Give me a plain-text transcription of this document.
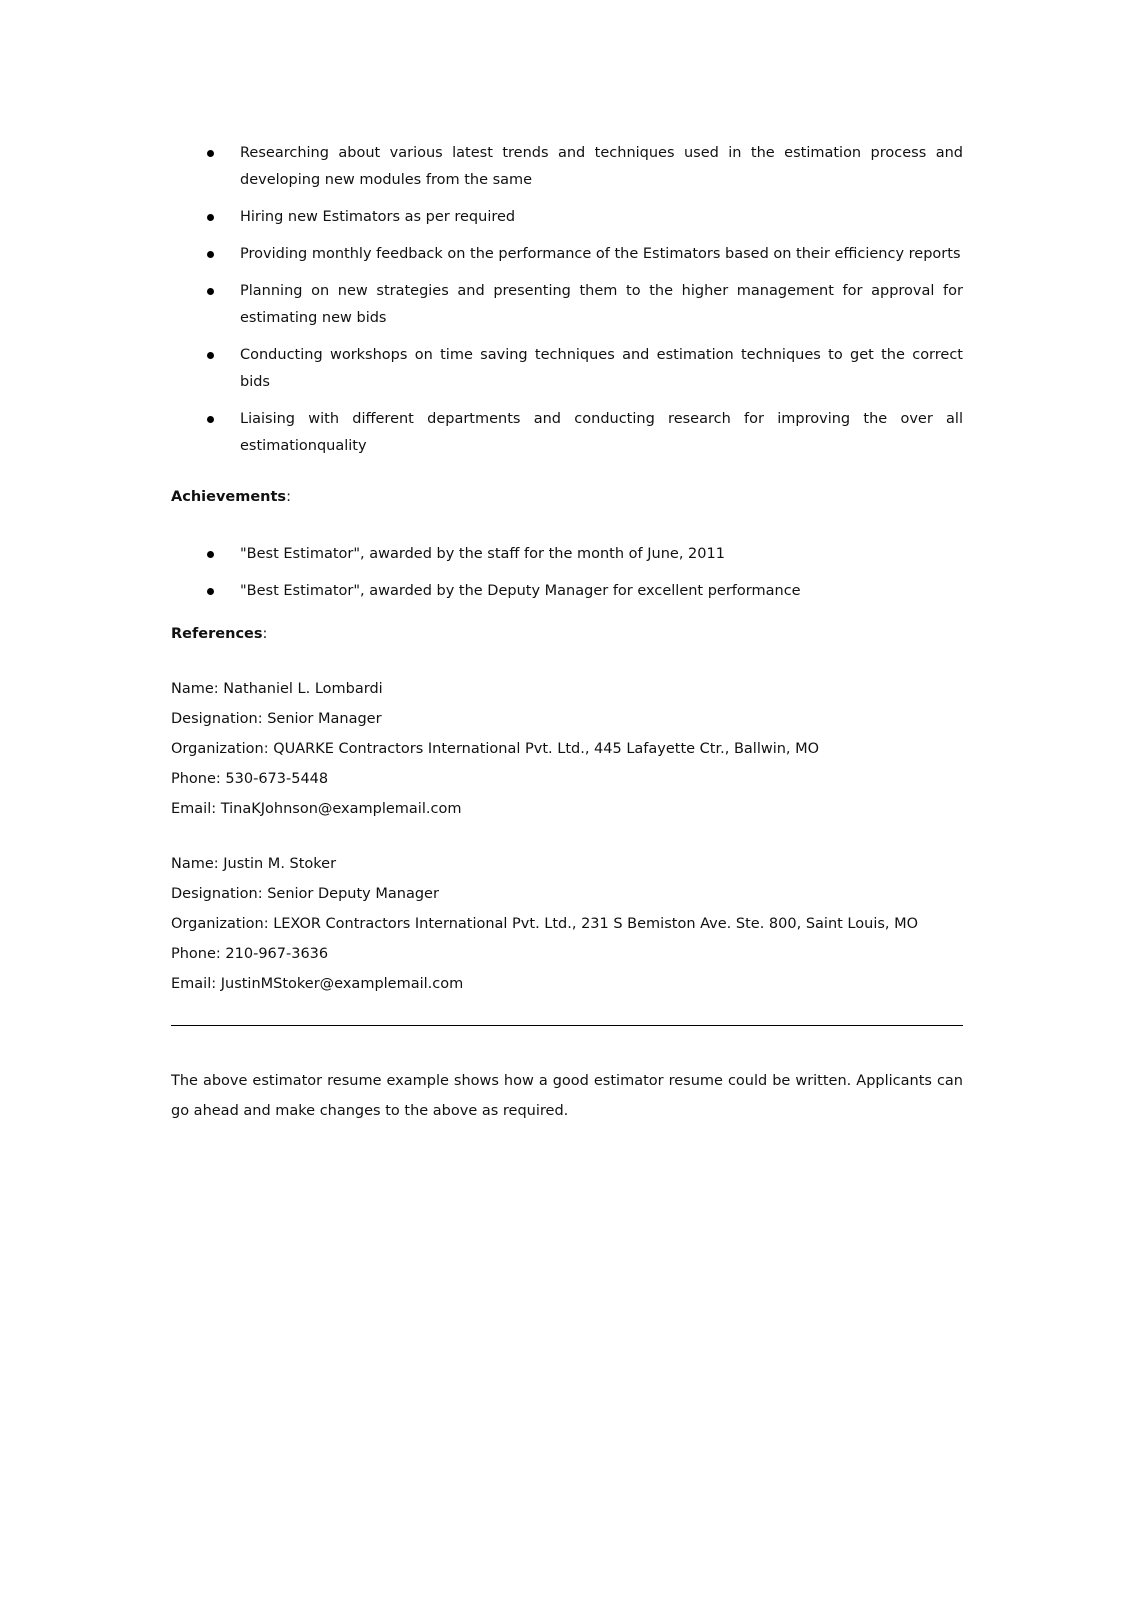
Researching about various latest trends and techniques used in the estimation process and developing new modules from the same
Hiring new Estimators as per required
Providing monthly feedback on the performance of the Estimators based on their efficiency reports
Planning on new strategies and presenting them to the higher management for approval for estimating new bids
Conducting workshops on time saving techniques and estimation techniques to get the correct bids
Liaising with different departments and conducting research for improving the over all estimationquality

Achievements:

"Best Estimator", awarded by the staff for the month of June, 2011
"Best Estimator", awarded by the Deputy Manager for excellent performance

References:

Name: Nathaniel L. Lombardi

Designation: Senior Manager

Organization: QUARKE Contractors International Pvt. Ltd., 445 Lafayette Ctr., Ballwin, MO

Phone: 530-673-5448

Email: TinaKJohnson@examplemail.com

Name: Justin M. Stoker

Designation: Senior Deputy Manager

Organization: LEXOR Contractors International Pvt. Ltd., 231 S Bemiston Ave. Ste. 800, Saint Louis, MO

Phone: 210-967-3636

Email: JustinMStoker@examplemail.com

The above estimator resume example shows how a good estimator resume could be written. Applicants can go ahead and make changes to the above as required.
